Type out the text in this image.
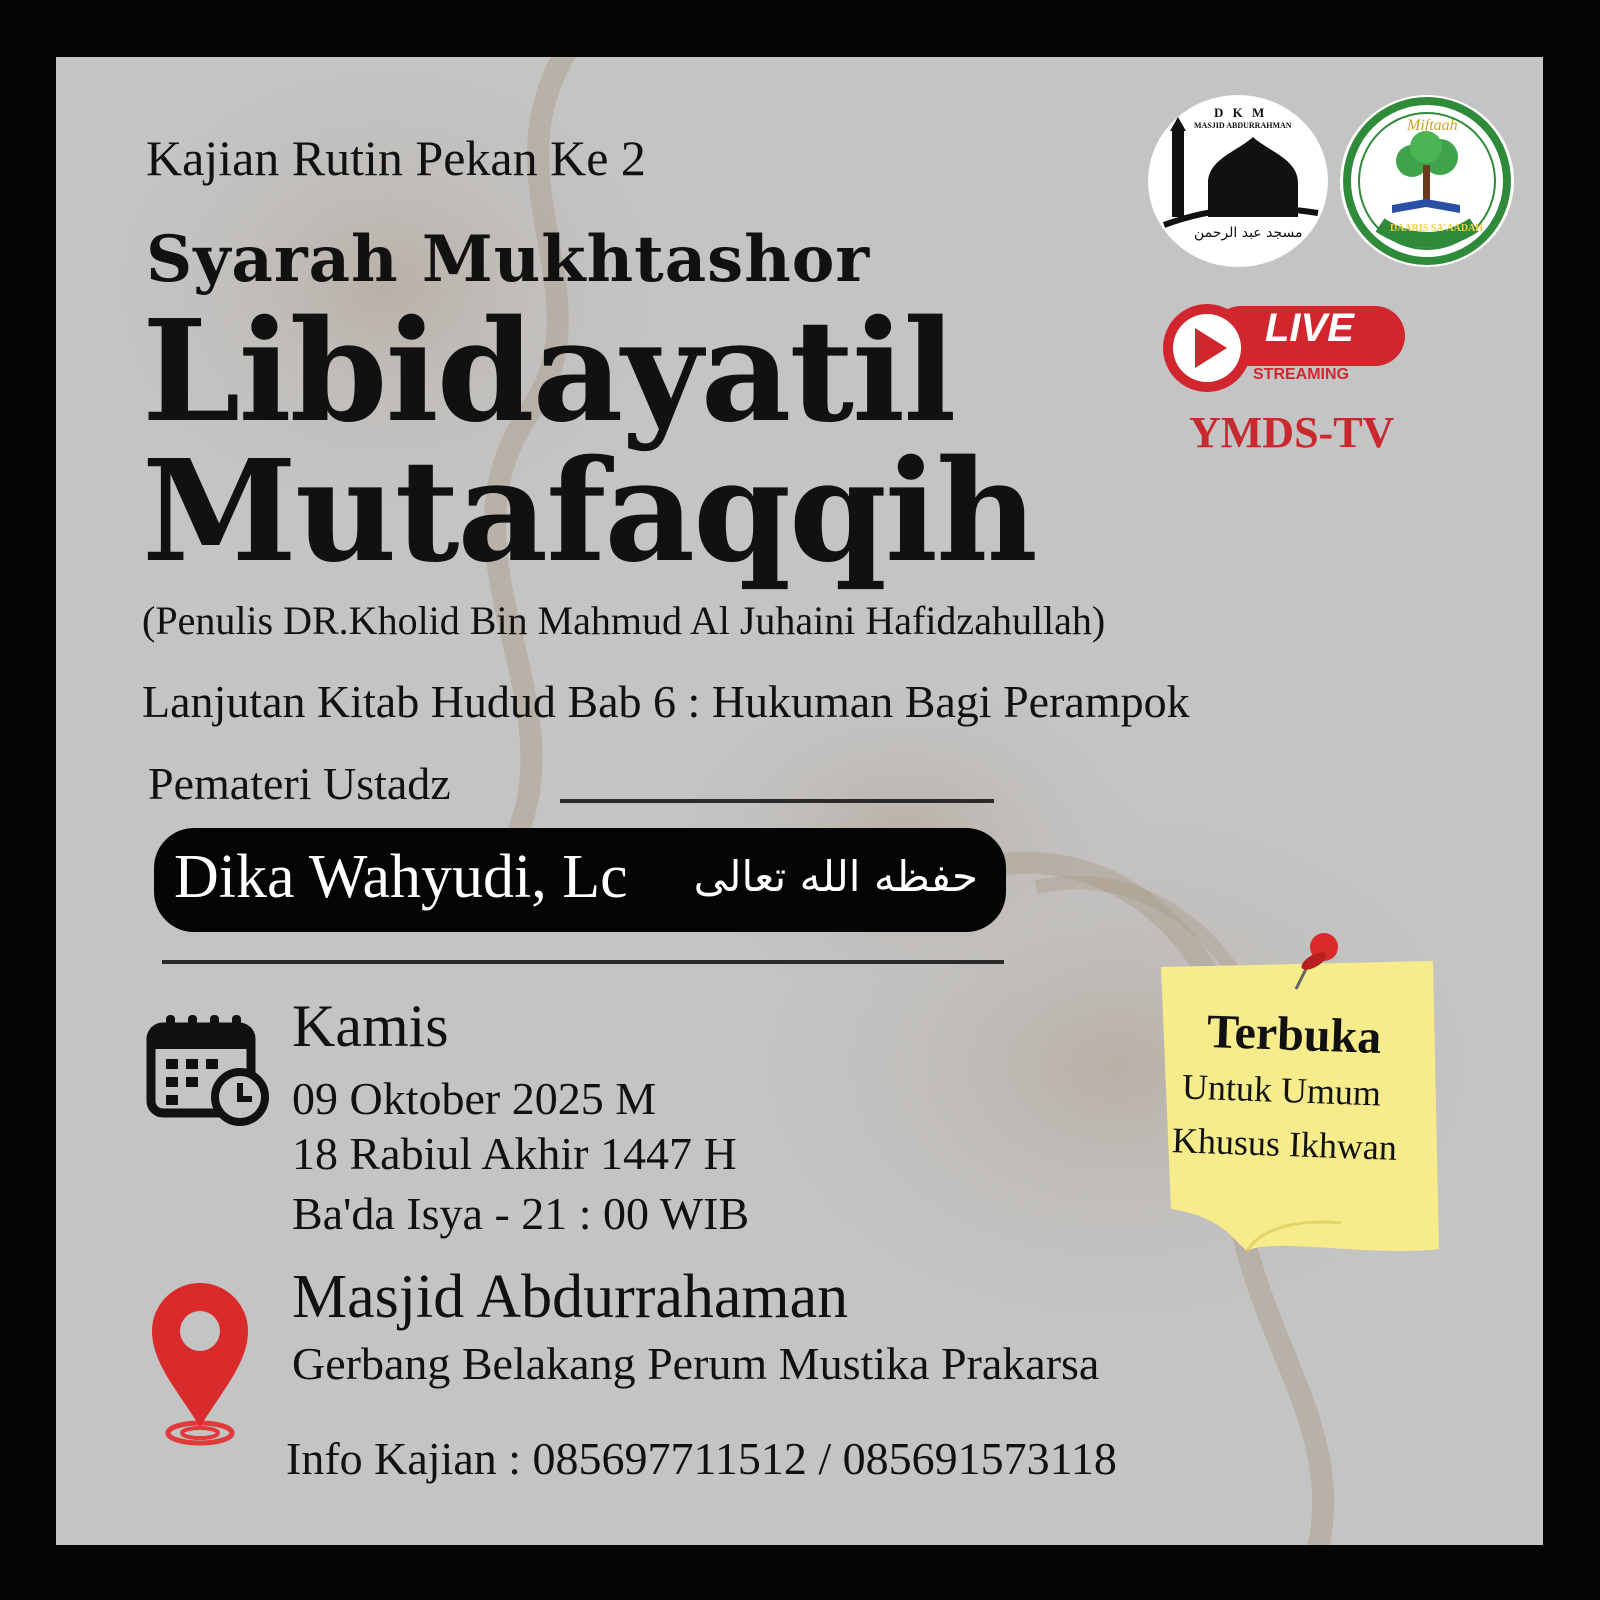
Kajian Rutin Pekan Ke 2
Syarah Mukhtashor
Libidayatil
Mutafaqqih
(Penulis DR.Kholid Bin Mahmud Al Juhaini Hafidzahullah)
Lanjutan Kitab Hudud Bab 6 : Hukuman Bagi Perampok
Pemateri Ustadz
Dika Wahyudi, Lc حفظه الله تعالى
Kamis
09 Oktober 2025 M
18 Rabiul Akhir 1447 H
Ba'da Isya - 21 : 00 WIB
Masjid Abdurrahaman
Gerbang Belakang Perum Mustika Prakarsa
Info Kajian : 085697711512 / 085691573118
D K M
MASJID ABDURRAHMAN
مسجد عبد الرحمن
Miftaah
DAARIS SA'AADAH
LIVE
STREAMING
YMDS-TV
Terbuka
Untuk Umum
Khusus Ikhwan
